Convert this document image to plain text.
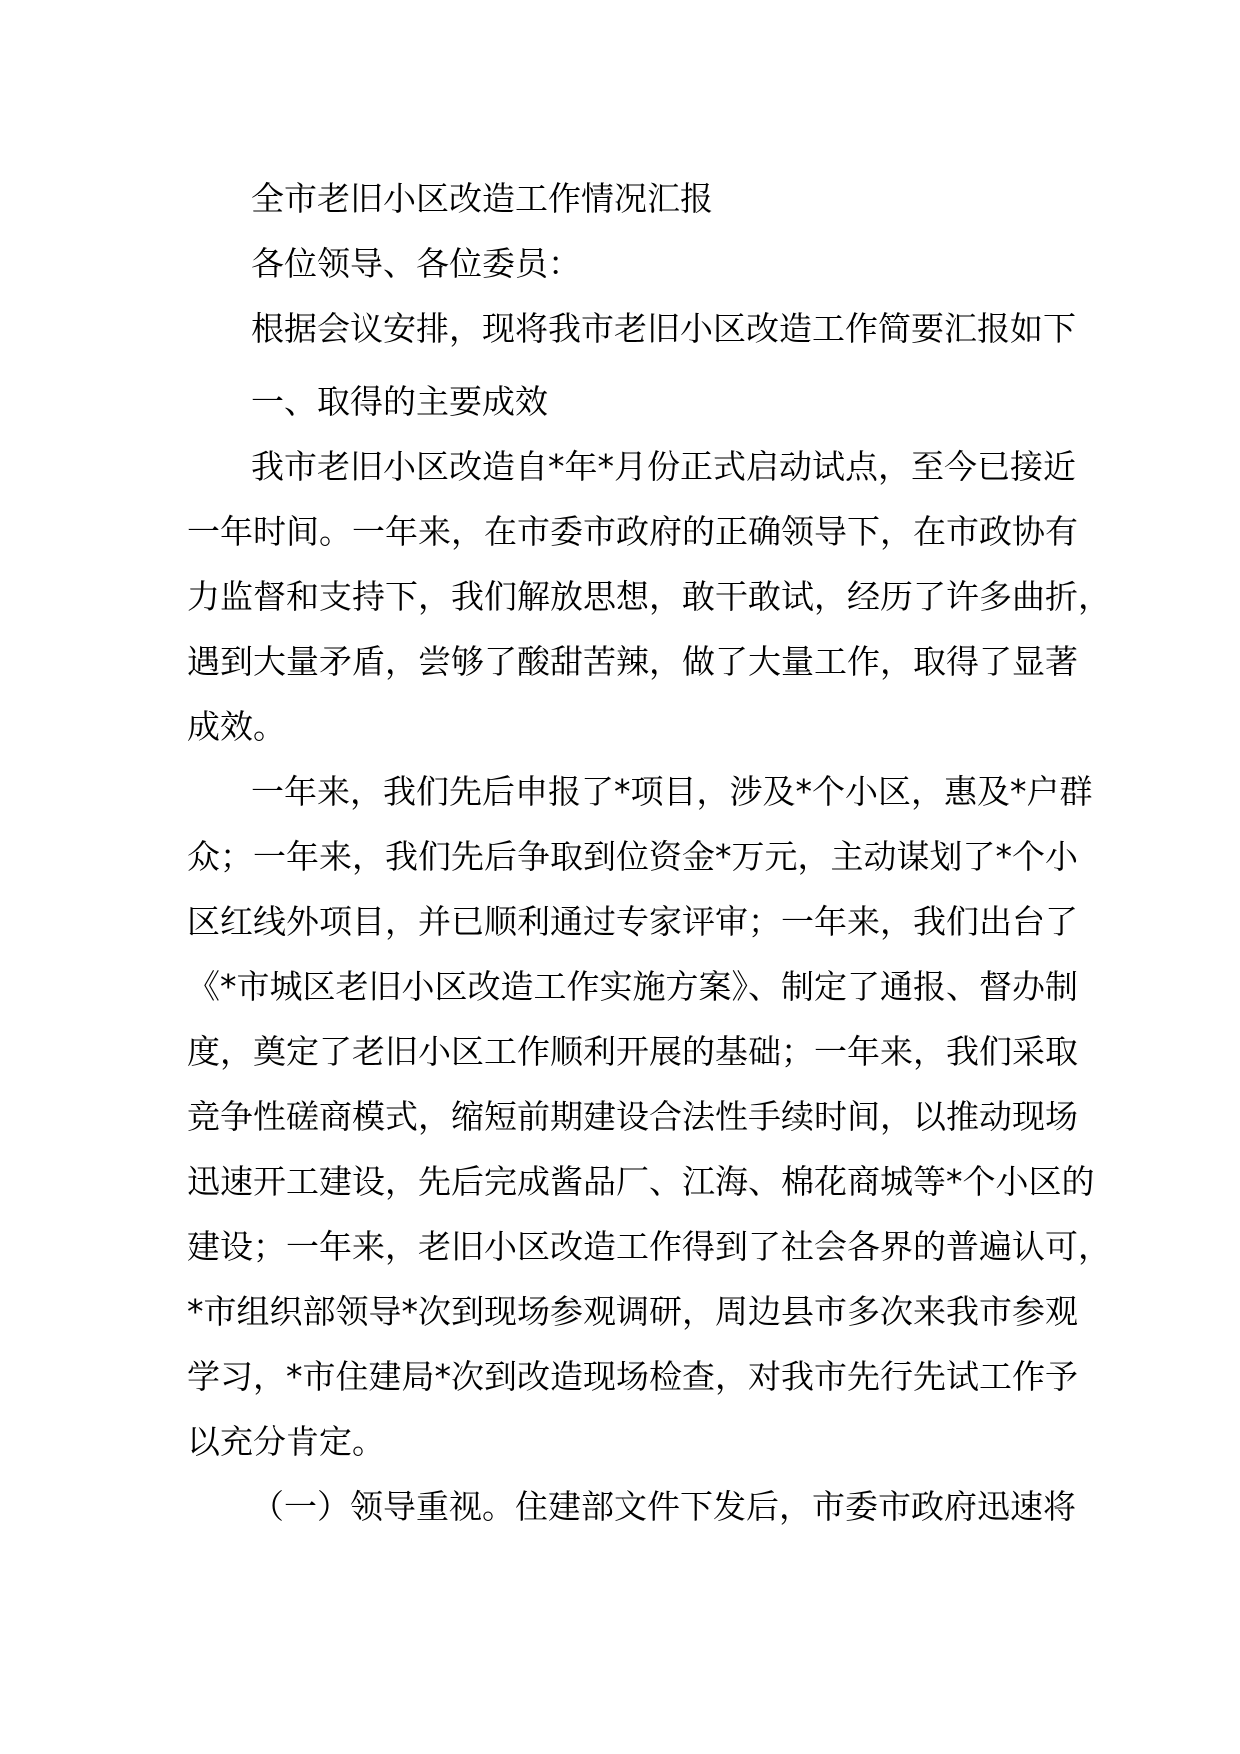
全市老旧小区改造工作情况汇报
各位领导、各位委员：
根据会议安排，现将我市老旧小区改造工作简要汇报如下
一、取得的主要成效
我市老旧小区改造自*年*月份正式启动试点，至今已接近
一年时间。一年来，在市委市政府的正确领导下，在市政协有
力监督和支持下，我们解放思想，敢干敢试，经历了许多曲折，
遇到大量矛盾，尝够了酸甜苦辣，做了大量工作，取得了显著
成效。
一年来，我们先后申报了*项目，涉及*个小区，惠及*户群
众；一年来，我们先后争取到位资金*万元，主动谋划了*个小
区红线外项目，并已顺利通过专家评审；一年来，我们出台了
《*市城区老旧小区改造工作实施方案》、制定了通报、督办制
度，奠定了老旧小区工作顺利开展的基础；一年来，我们采取
竞争性磋商模式，缩短前期建设合法性手续时间，以推动现场
迅速开工建设，先后完成酱品厂、江海、棉花商城等*个小区的
建设；一年来，老旧小区改造工作得到了社会各界的普遍认可，
*市组织部领导*次到现场参观调研，周边县市多次来我市参观
学习，*市住建局*次到改造现场检查，对我市先行先试工作予
以充分肯定。
（一）领导重视。住建部文件下发后，市委市政府迅速将
